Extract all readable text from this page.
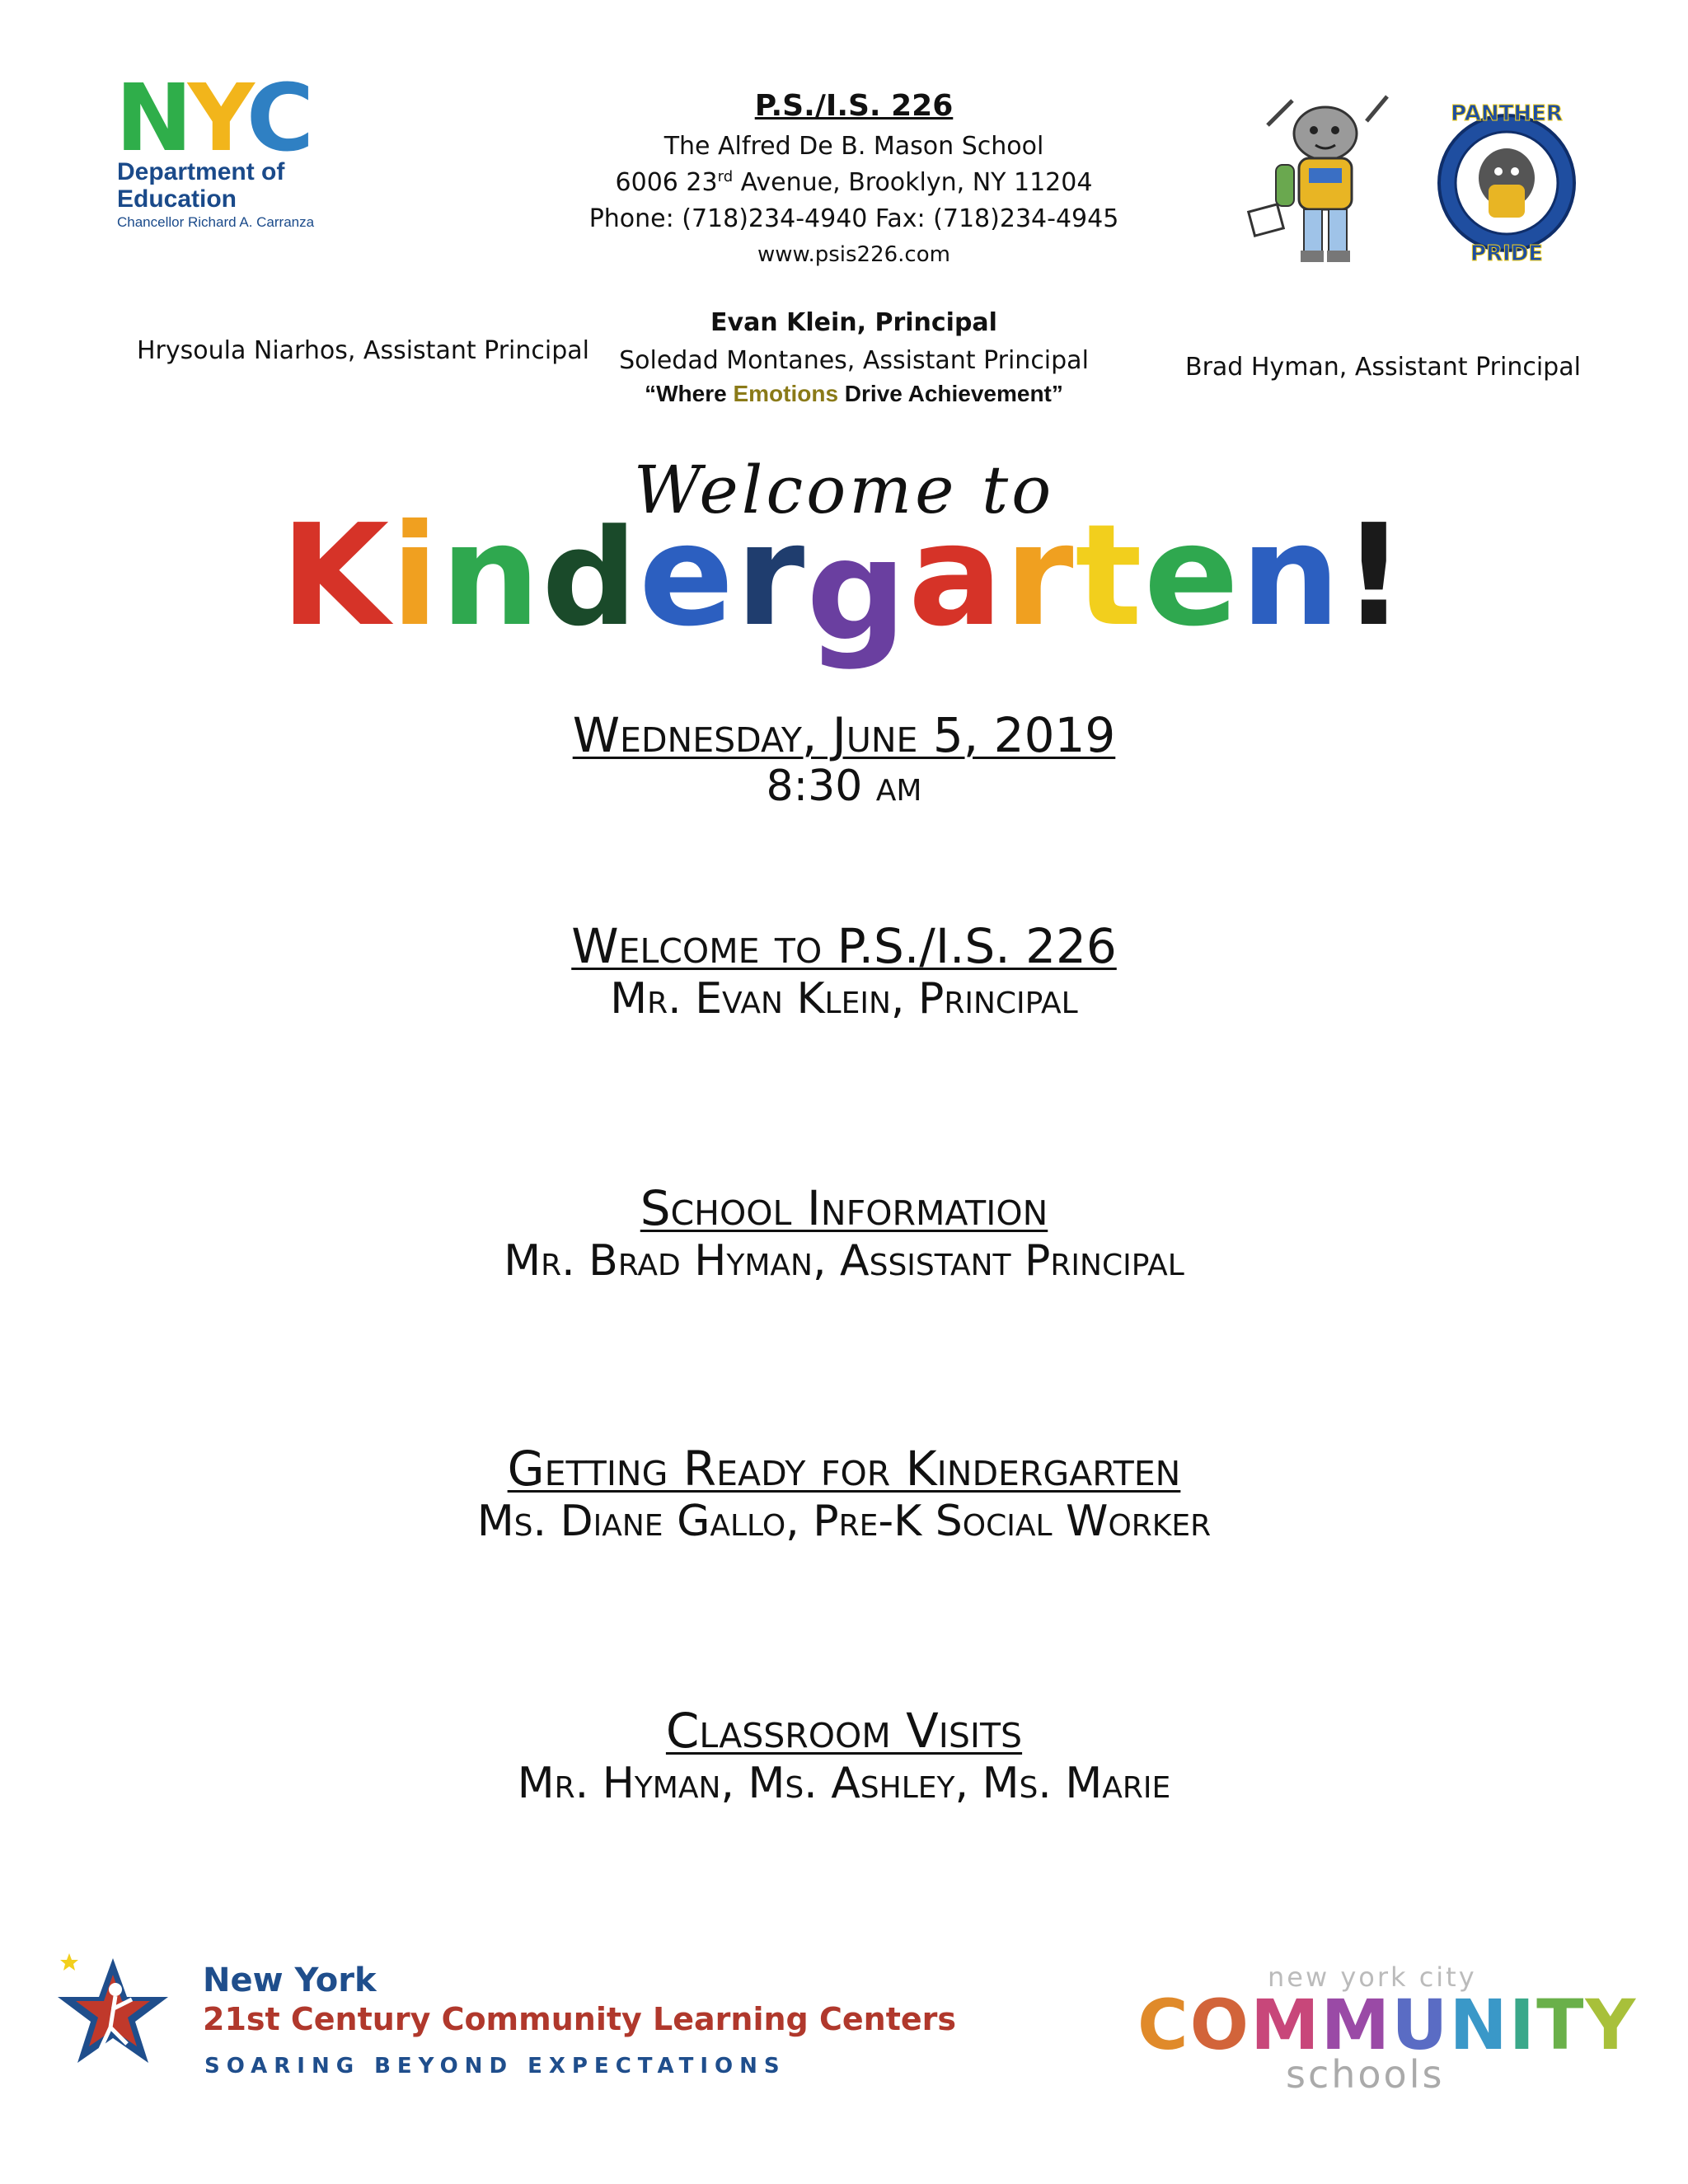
NYC
Department of
Education
Chancellor Richard A. Carranza
P.S./I.S. 226
The Alfred De B. Mason School
6006 23rd Avenue, Brooklyn, NY 11204
Phone: (718)234-4940 Fax: (718)234-4945
www.psis226.com
Evan Klein, Principal
Soledad Montanes, Assistant Principal
“Where Emotions Drive Achievement”
Hrysoula Niarhos, Assistant Principal
Brad Hyman, Assistant Principal
PANTHER
PRIDE
Welcome to
Kindergarten!
Wednesday, June 5, 2019
8:30 am
Welcome to P.S./I.S. 226
Mr. Evan Klein, Principal
School Information
Mr. Brad Hyman, Assistant Principal
Getting Ready for Kindergarten
Ms. Diane Gallo, Pre-K Social Worker
Classroom Visits
Mr. Hyman, Ms. Ashley, Ms. Marie
New York
21st Century Community Learning Centers
SOARING BEYOND EXPECTATIONS
new york city
COMMUNITY
schools
